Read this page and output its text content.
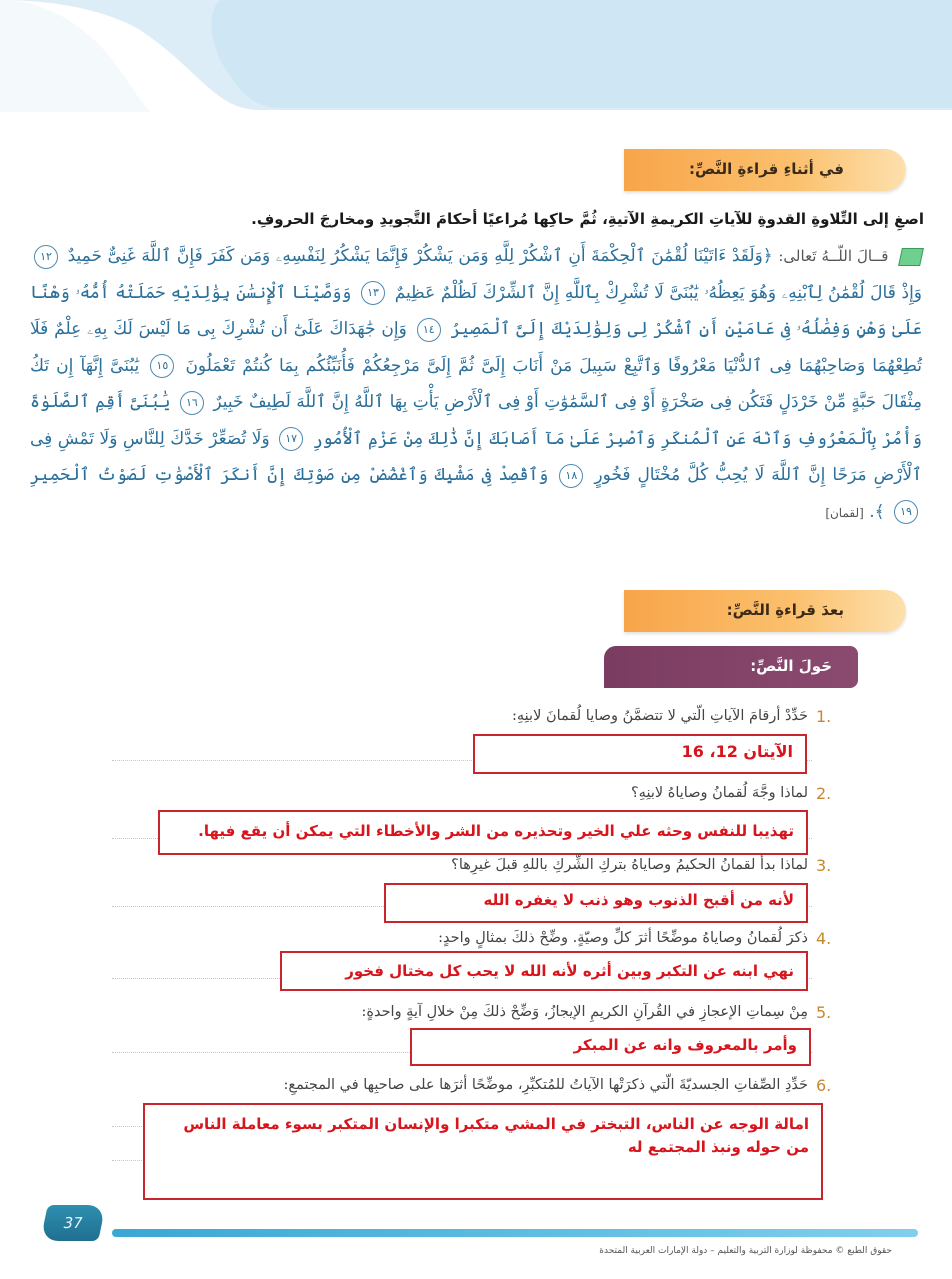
في أثناءِ قراءةِ النَّصِّ:
اصغِ إلى التِّلاوةِ القدوةِ للآياتِ الكريمةِ الآتيةِ، ثُمَّ حاكِها مُراعيًا أحكامَ التَّجويدِ ومخارجَ الحروفِ.
قــالَ اللّــهُ تَعالى: ﴿وَلَقَدْ ءَاتَيْنَا لُقْمَٰنَ ٱلْحِكْمَةَ أَنِ ٱشْكُرْ لِلَّهِ وَمَن يَشْكُرْ فَإِنَّمَا يَشْكُرُ لِنَفْسِهِۦ وَمَن كَفَرَ فَإِنَّ ٱللَّهَ غَنِىٌّ حَمِيدٌ ١٢ وَإِذْ قَالَ لُقْمَٰنُ لِٱبْنِهِۦ وَهُوَ يَعِظُهُۥ يَٰبُنَىَّ لَا تُشْرِكْ بِٱللَّهِ إِنَّ ٱلشِّرْكَ لَظُلْمٌ عَظِيمٌ ١٣ وَوَصَّيْنَا ٱلْإِنسَٰنَ بِوَٰلِدَيْهِ حَمَلَتْهُ أُمُّهُۥ وَهْنًا عَلَىٰ وَهْنٍ وَفِصَٰلُهُۥ فِى عَامَيْنِ أَنِ ٱشْكُرْ لِى وَلِوَٰلِدَيْكَ إِلَىَّ ٱلْمَصِيرُ ١٤ وَإِن جَٰهَدَاكَ عَلَىٰٓ أَن تُشْرِكَ بِى مَا لَيْسَ لَكَ بِهِۦ عِلْمٌ فَلَا تُطِعْهُمَا وَصَاحِبْهُمَا فِى ٱلدُّنْيَا مَعْرُوفًا وَٱتَّبِعْ سَبِيلَ مَنْ أَنَابَ إِلَىَّ ثُمَّ إِلَىَّ مَرْجِعُكُمْ فَأُنَبِّئُكُم بِمَا كُنتُمْ تَعْمَلُونَ ١٥ يَٰبُنَىَّ إِنَّهَآ إِن تَكُ مِثْقَالَ حَبَّةٍ مِّنْ خَرْدَلٍ فَتَكُن فِى صَخْرَةٍ أَوْ فِى ٱلسَّمَٰوَٰتِ أَوْ فِى ٱلْأَرْضِ يَأْتِ بِهَا ٱللَّهُ إِنَّ ٱللَّهَ لَطِيفٌ خَبِيرٌ ١٦ يَٰبُنَىَّ أَقِمِ ٱلصَّلَوٰةَ وَأْمُرْ بِٱلْمَعْرُوفِ وَٱنْهَ عَنِ ٱلْمُنكَرِ وَٱصْبِرْ عَلَىٰ مَآ أَصَابَكَ إِنَّ ذَٰلِكَ مِنْ عَزْمِ ٱلْأُمُورِ ١٧ وَلَا تُصَعِّرْ خَدَّكَ لِلنَّاسِ وَلَا تَمْشِ فِى ٱلْأَرْضِ مَرَحًا إِنَّ ٱللَّهَ لَا يُحِبُّ كُلَّ مُخْتَالٍ فَخُورٍ ١٨ وَٱقْصِدْ فِى مَشْيِكَ وَٱغْضُضْ مِن صَوْتِكَ إِنَّ أَنكَرَ ٱلْأَصْوَٰتِ لَصَوْتُ ٱلْحَمِيرِ ١٩ ﴾. [لقمان]
بعدَ قراءةِ النَّصِّ:
حَولَ النَّصِّ:
1.
حَدِّدْ أرقامَ الآياتِ الّتي لا تتضمَّنُ وصايا لُقمانَ لابنِهِ:
الآيتان 12، 16
2.
لماذا وجَّهَ لُقمانُ وصاياهُ لابنِهِ؟
تهذيبا للنفس وحثه علي الخير وتحذيره من الشر والأخطاء التي يمكن أن يقع فيها.
3.
لماذا بدأ لقمانُ الحكيمُ وصاياهُ بتركِ الشِّركِ باللهِ قبلَ غيرِها؟
لأنه من أقبح الذنوب وهو ذنب لا يغفره الله
4.
ذكرَ لُقمانُ وصاياهُ موضِّحًا أثرَ كلِّ وصيّةٍ. وضِّحْ ذلكَ بمثالٍ واحدٍ:
نهي ابنه عن التكبر وبين أثره لأنه الله لا يحب كل مختال فخور
5.
مِنْ سِماتِ الإعجازِ في القُرآنِ الكريمِ الإيجازُ، وَضِّحْ ذلكَ مِنْ خلالِ آيةٍ واحدةٍ:
وأمر بالمعروف وانه عن المبكر
6.
حَدِّدِ الصِّفاتِ الجسديّةَ الّتي ذكرَتْها الآياتُ للمُتكبِّرِ، موضِّحًا أثرَها على صاحبِها في المجتمعِ:
امالة الوجه عن الناس، التبختر في المشي متكبرا والإنسان المتكبر بسوء معاملة الناس من حوله ونبذ المجتمع له
37
حقوق الطبع © محفوظة لوزارة التربية والتعليم – دولة الإمارات العربية المتحدة
